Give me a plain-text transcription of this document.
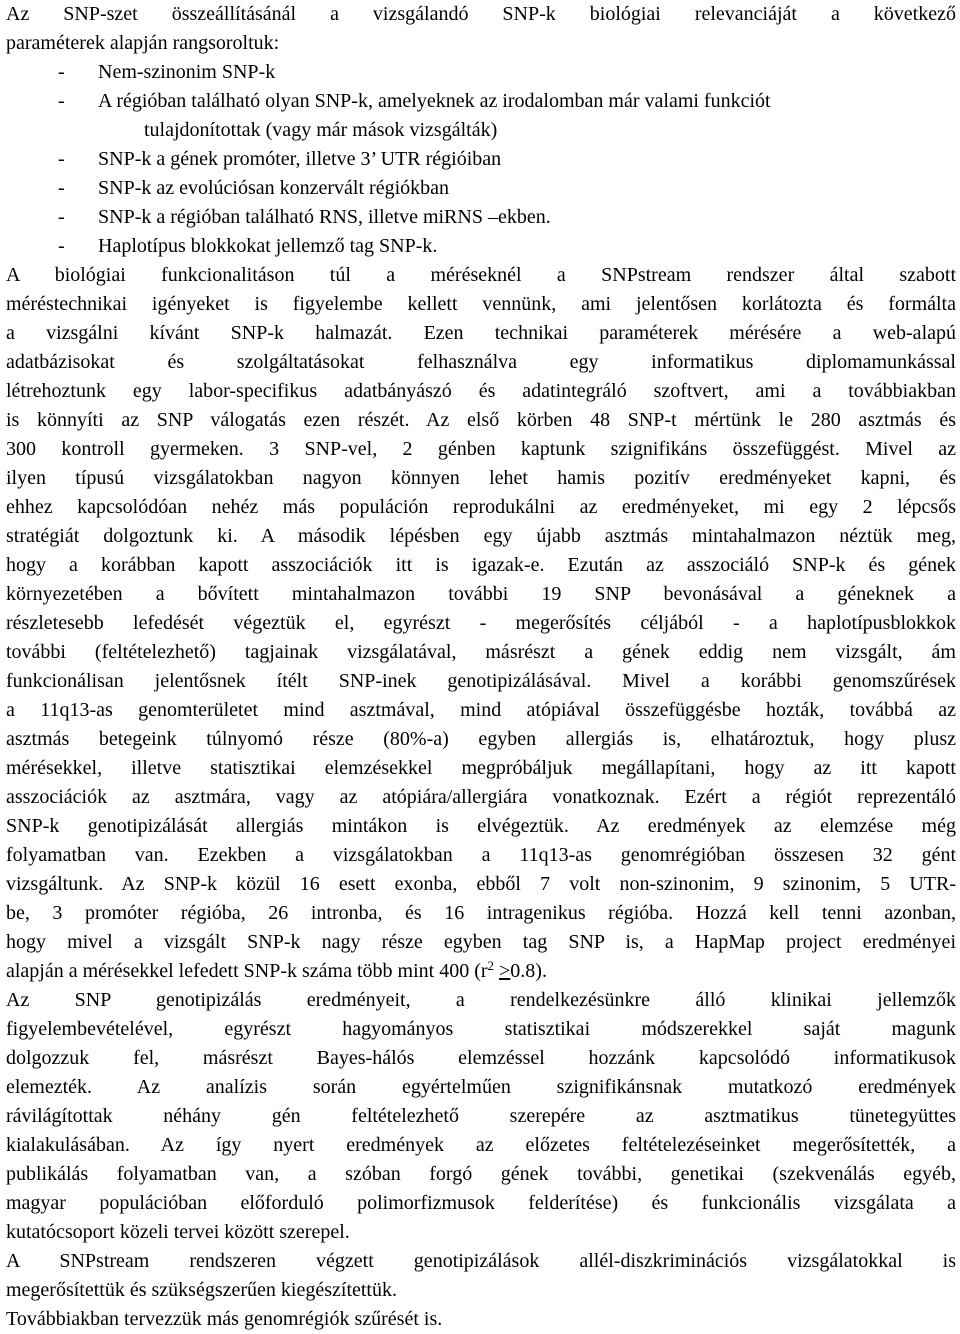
Az SNP-szet összeállításánál a vizsgálandó SNP-k biológiai relevanciáját a következő
paraméterek alapján rangsoroltuk:
- Nem-szinonim SNP-k
- A régióban található olyan SNP-k, amelyeknek az irodalomban már valami funkciót
tulajdonítottak (vagy már mások vizsgálták)
- SNP-k a gének promóter, illetve 3’ UTR régióiban
- SNP-k az evolúciósan konzervált régiókban
- SNP-k a régióban található RNS, illetve miRNS –ekben.
- Haplotípus blokkokat jellemző tag SNP-k.
A biológiai funkcionalitáson túl a méréseknél a SNPstream rendszer által szabott
méréstechnikai igényeket is figyelembe kellett vennünk, ami jelentősen korlátozta és formálta
a vizsgálni kívánt SNP-k halmazát. Ezen technikai paraméterek mérésére a web-alapú
adatbázisokat és szolgáltatásokat felhasználva egy informatikus diplomamunkással
létrehoztunk egy labor-specifikus adatbányászó és adatintegráló szoftvert, ami a továbbiakban
is könnyíti az SNP válogatás ezen részét. Az első körben 48 SNP-t mértünk le 280 asztmás és
300 kontroll gyermeken. 3 SNP-vel, 2 génben kaptunk szignifikáns összefüggést. Mivel az
ilyen típusú vizsgálatokban nagyon könnyen lehet hamis pozitív eredményeket kapni, és
ehhez kapcsolódóan nehéz más populáción reprodukálni az eredményeket, mi egy 2 lépcsős
stratégiát dolgoztunk ki. A második lépésben egy újabb asztmás mintahalmazon néztük meg,
hogy a korábban kapott asszociációk itt is igazak-e. Ezután az asszociáló SNP-k és gének
környezetében a bővített mintahalmazon további 19 SNP bevonásával a géneknek a
részletesebb lefedését végeztük el, egyrészt - megerősítés céljából - a haplotípusblokkok
további (feltételezhető) tagjainak vizsgálatával, másrészt a gének eddig nem vizsgált, ám
funkcionálisan jelentősnek ítélt SNP-inek genotipizálásával. Mivel a korábbi genomszűrések
a 11q13-as genomterületet mind asztmával, mind atópiával összefüggésbe hozták, továbbá az
asztmás betegeink túlnyomó része (80%-a) egyben allergiás is, elhatároztuk, hogy plusz
mérésekkel, illetve statisztikai elemzésekkel megpróbáljuk megállapítani, hogy az itt kapott
asszociációk az asztmára, vagy az atópiára/allergiára vonatkoznak. Ezért a régiót reprezentáló
SNP-k genotipizálását allergiás mintákon is elvégeztük. Az eredmények az elemzése még
folyamatban van. Ezekben a vizsgálatokban a 11q13-as genomrégióban összesen 32 gént
vizsgáltunk. Az SNP-k közül 16 esett exonba, ebből 7 volt non-szinonim, 9 szinonim, 5 UTR-
be, 3 promóter régióba, 26 intronba, és 16 intragenikus régióba. Hozzá kell tenni azonban,
hogy mivel a vizsgált SNP-k nagy része egyben tag SNP is, a HapMap project eredményei
alapján a mérésekkel lefedett SNP-k száma több mint 400 $(r^2 \ge 0.8)$.
Az SNP genotipizálás eredményeit, a rendelkezésünkre álló klinikai jellemzők
figyelembevételével, egyrészt hagyományos statisztikai módszerekkel saját magunk
dolgozzuk fel, másrészt Bayes-hálós elemzéssel hozzánk kapcsolódó informatikusok
elemezték. Az analízis során egyértelműen szignifikánsnak mutatkozó eredmények
rávilágítottak néhány gén feltételezhető szerepére az asztmatikus tünetegyüttes
kialakulásában. Az így nyert eredmények az előzetes feltételezéseinket megerősítették, a
publikálás folyamatban van, a szóban forgó gének további, genetikai (szekvenálás egyéb,
magyar populációban előforduló polimorfizmusok felderítése) és funkcionális vizsgálata a
kutatócsoport közeli tervei között szerepel.
A SNPstream rendszeren végzett genotipizálások allél-diszkriminációs vizsgálatokkal is
megerősítettük és szükségszerűen kiegészítettük.
Továbbiakban tervezzük más genomrégiók szűrését is.
